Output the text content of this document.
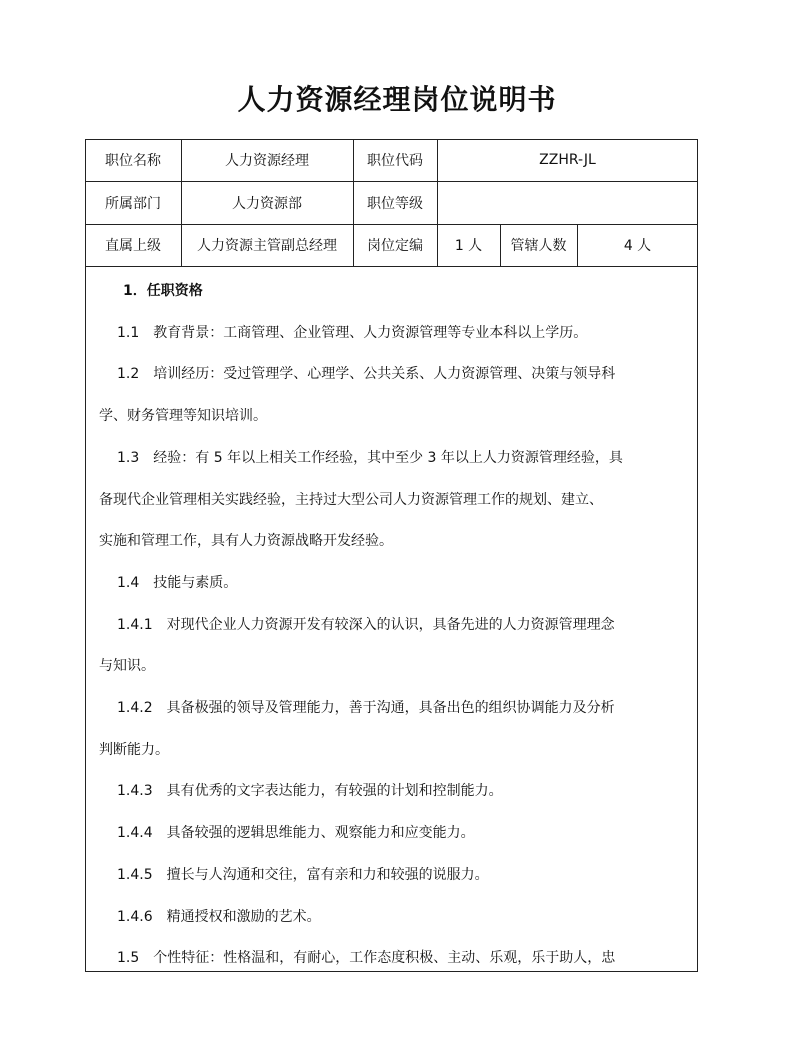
人力资源经理岗位说明书
职位名称	人力资源经理	职位代码	ZZHR-JL
所属部门	人力资源部	职位等级
直属上级	人力资源主管副总经理	岗位定编	1 人	管辖人数	4 人

1．任职资格

1.1　教育背景：工商管理、企业管理、人力资源管理等专业本科以上学历。

1.2　培训经历：受过管理学、心理学、公共关系、人力资源管理、决策与领导科

学、财务管理等知识培训。

1.3　经验：有 5 年以上相关工作经验，其中至少 3 年以上人力资源管理经验，具

备现代企业管理相关实践经验，主持过大型公司人力资源管理工作的规划、建立、

实施和管理工作，具有人力资源战略开发经验。

1.4　技能与素质。

1.4.1　对现代企业人力资源开发有较深入的认识，具备先进的人力资源管理理念

与知识。

1.4.2　具备极强的领导及管理能力，善于沟通，具备出色的组织协调能力及分析

判断能力。

1.4.3　具有优秀的文字表达能力，有较强的计划和控制能力。

1.4.4　具备较强的逻辑思维能力、观察能力和应变能力。

1.4.5　擅长与人沟通和交往，富有亲和力和较强的说服力。

1.4.6　精通授权和激励的艺术。

1.5　个性特征：性格温和，有耐心，工作态度积极、主动、乐观，乐于助人，忠
